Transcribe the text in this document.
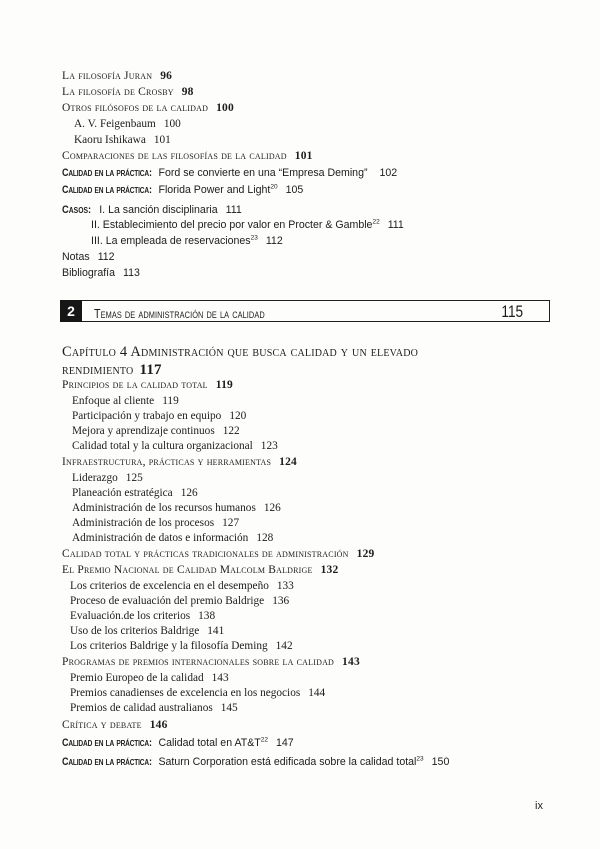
La filosofía Juran 96
La filosofía de Crosby 98
Otros filósofos de la calidad 100
A. V. Feigenbaum 100
Kaoru Ishikawa 101
Comparaciones de las filosofías de la calidad 101
Calidad en la práctica: Ford se convierte en una “Empresa Deming” 102
Calidad en la práctica: Florida Power and Light$^{20}$ 105
Casos: I. La sanción disciplinaria 111
II. Establecimiento del precio por valor en Procter & Gamble$^{22}$ 111
III. La empleada de reservaciones$^{23}$ 112
Notas 112
Bibliografía 113
2	Temas de administración de la calidad	115
Capítulo 4 Administración que busca calidad y un elevado
rendimiento 117
Principios de la calidad total 119
Enfoque al cliente 119
Participación y trabajo en equipo 120
Mejora y aprendizaje continuos 122
Calidad total y la cultura organizacional 123
Infraestructura, prácticas y herramientas 124
Liderazgo 125
Planeación estratégica 126
Administración de los recursos humanos 126
Administración de los procesos 127
Administración de datos e información 128
Calidad total y prácticas tradicionales de administración 129
El Premio Nacional de Calidad Malcolm Baldrige 132
Los criterios de excelencia en el desempeño 133
Proceso de evaluación del premio Baldrige 136
Evaluación.de los criterios 138
Uso de los criterios Baldrige 141
Los criterios Baldrige y la filosofía Deming 142
Programas de premios internacionales sobre la calidad 143
Premio Europeo de la calidad 143
Premios canadienses de excelencia en los negocios 144
Premios de calidad australianos 145
Crítica y debate 146
Calidad en la práctica: Calidad total en $AT\&T^{22}$ 147
Calidad en la práctica: Saturn Corporation está edificada sobre la calidad total$^{23}$ 150
ix
